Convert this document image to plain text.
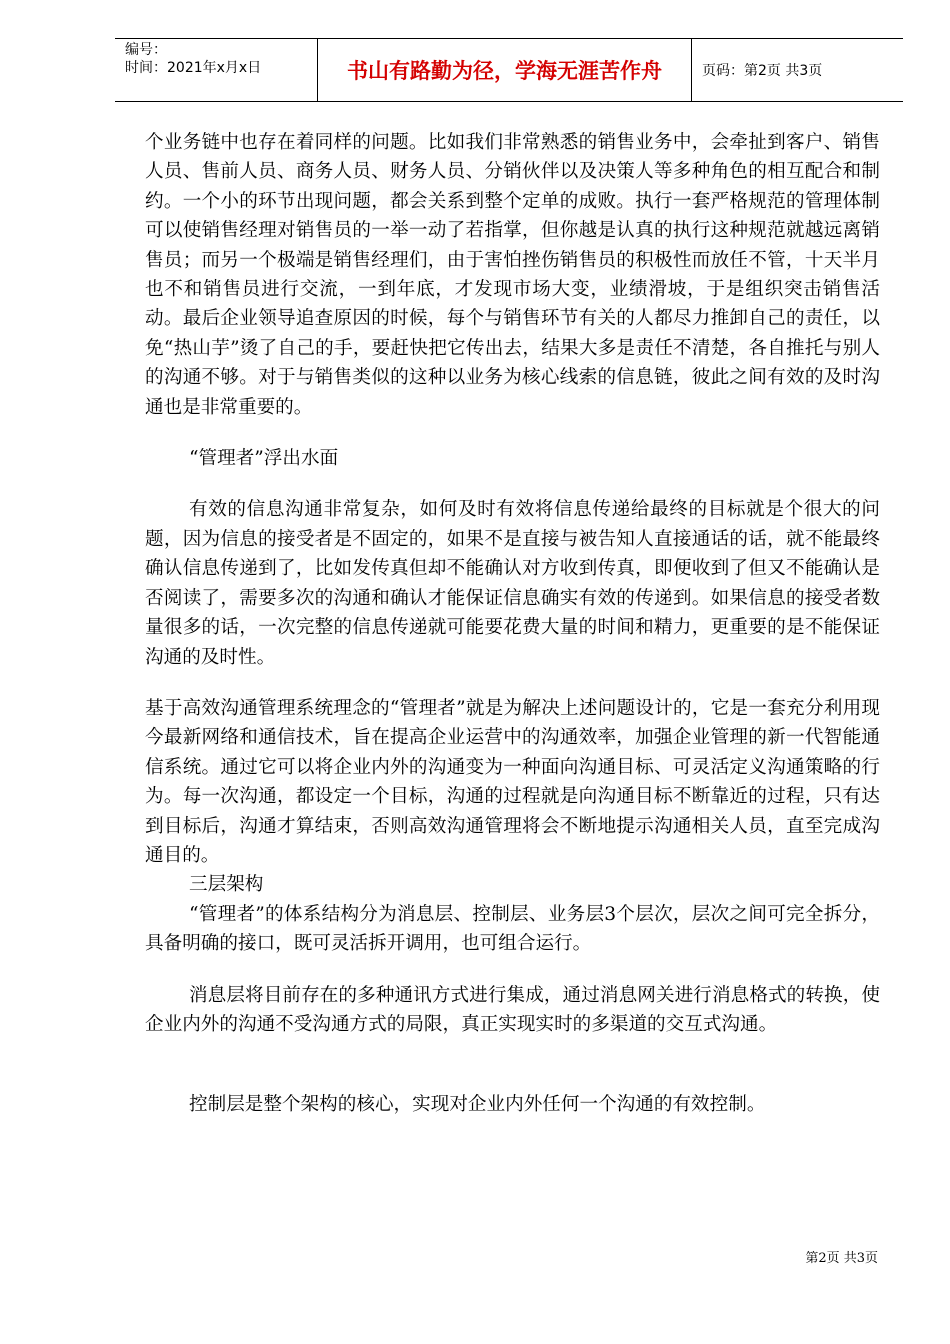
编号：
时间：2021年x月x日	书山有路勤为径，学海无涯苦作舟	页码：第2页 共3页

个业务链中也存在着同样的问题。比如我们非常熟悉的销售业务中，会牵扯到客户、销售人员、售前人员、商务人员、财务人员、分销伙伴以及决策人等多种角色的相互配合和制约。一个小的环节出现问题，都会关系到整个定单的成败。执行一套严格规范的管理体制可以使销售经理对销售员的一举一动了若指掌，但你越是认真的执行这种规范就越远离销售员；而另一个极端是销售经理们，由于害怕挫伤销售员的积极性而放任不管，十天半月也不和销售员进行交流，一到年底，才发现市场大变，业绩滑坡，于是组织突击销售活动。最后企业领导追查原因的时候，每个与销售环节有关的人都尽力推卸自己的责任，以免“热山芋”烫了自己的手，要赶快把它传出去，结果大多是责任不清楚，各自推托与别人的沟通不够。对于与销售类似的这种以业务为核心线索的信息链，彼此之间有效的及时沟通也是非常重要的。

“管理者”浮出水面

有效的信息沟通非常复杂，如何及时有效将信息传递给最终的目标就是个很大的问题，因为信息的接受者是不固定的，如果不是直接与被告知人直接通话的话，就不能最终确认信息传递到了，比如发传真但却不能确认对方收到传真，即便收到了但又不能确认是否阅读了，需要多次的沟通和确认才能保证信息确实有效的传递到。如果信息的接受者数量很多的话，一次完整的信息传递就可能要花费大量的时间和精力，更重要的是不能保证沟通的及时性。

基于高效沟通管理系统理念的“管理者”就是为解决上述问题设计的，它是一套充分利用现今最新网络和通信技术，旨在提高企业运营中的沟通效率，加强企业管理的新一代智能通信系统。通过它可以将企业内外的沟通变为一种面向沟通目标、可灵活定义沟通策略的行为。每一次沟通，都设定一个目标，沟通的过程就是向沟通目标不断靠近的过程，只有达到目标后，沟通才算结束，否则高效沟通管理将会不断地提示沟通相关人员，直至完成沟通目的。

三层架构

“管理者”的体系结构分为消息层、控制层、业务层3个层次，层次之间可完全拆分，具备明确的接口，既可灵活拆开调用，也可组合运行。

消息层将目前存在的多种通讯方式进行集成，通过消息网关进行消息格式的转换，使企业内外的沟通不受沟通方式的局限，真正实现实时的多渠道的交互式沟通。

控制层是整个架构的核心，实现对企业内外任何一个沟通的有效控制。

第2页 共3页
